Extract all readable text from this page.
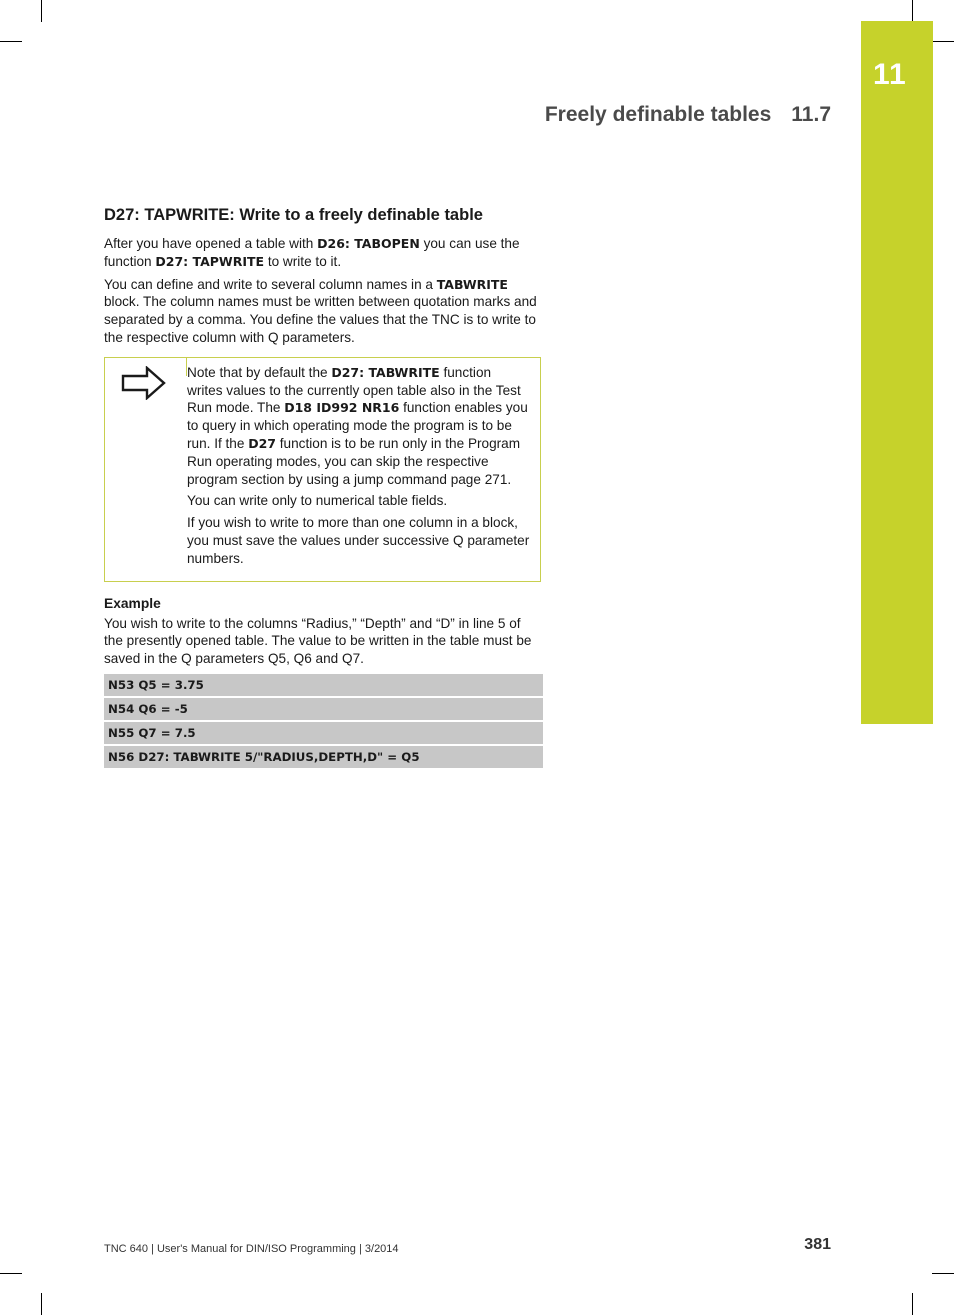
11
Freely definable tables 11.7
D27: TAPWRITE: Write to a freely definable table

After you have opened a table with D26: TABOPEN you can use the function D27: TAPWRITE to write to it.

You can define and write to several column names in a TABWRITE block. The column names must be written between quotation marks and separated by a comma. You define the values that the TNC is to write to the respective column with Q parameters.

Note that by default the D27: TABWRITE function writes values to the currently open table also in the Test Run mode. The D18 ID992 NR16 function enables you to query in which operating mode the program is to be run. If the D27 function is to be run only in the Program Run operating modes, you can skip the respective program section by using a jump command page 271.

You can write only to numerical table fields.

If you wish to write to more than one column in a block, you must save the values under successive Q parameter numbers.

Example

You wish to write to the columns “Radius,” “Depth” and “D” in line 5 of the presently opened table. The value to be written in the table must be saved in the Q parameters Q5, Q6 and Q7.

N53 Q5 = 3.75
N54 Q6 = -5
N55 Q7 = 7.5
N56 D27: TABWRITE 5/"RADIUS,DEPTH,D" = Q5
TNC 640 | User's Manual for DIN/ISO Programming | 3/2014	381
